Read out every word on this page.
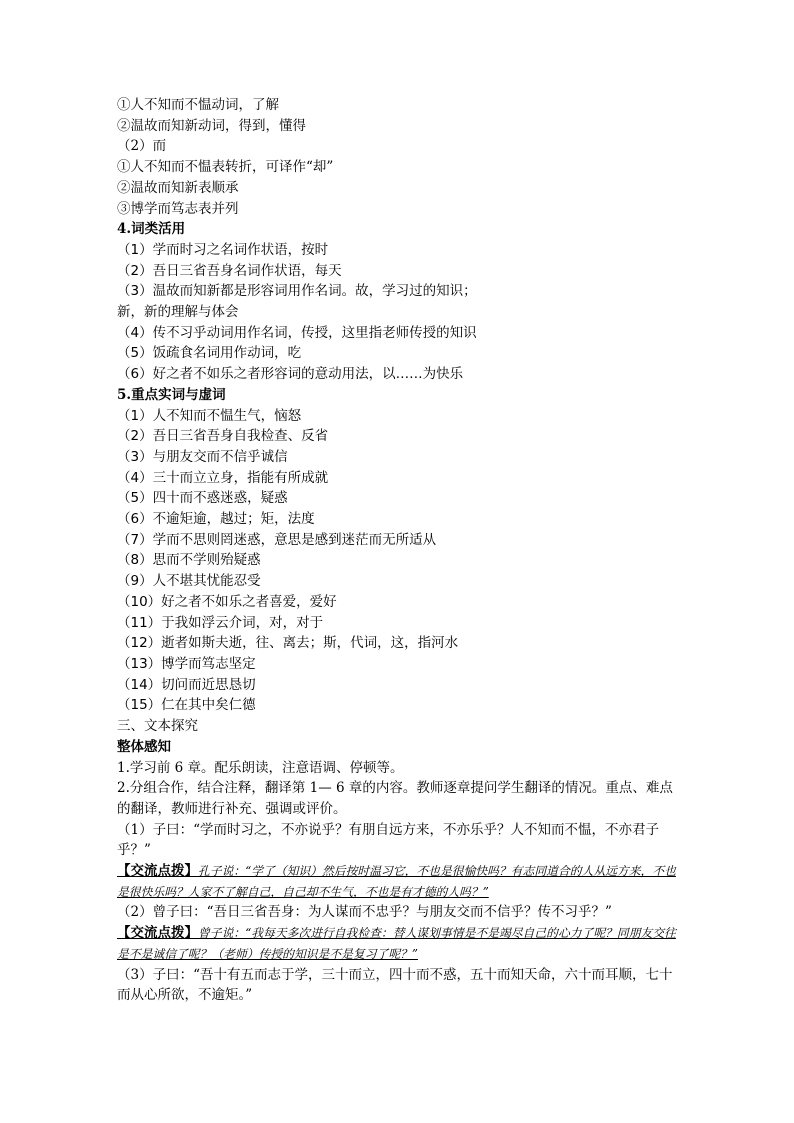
①人不知而不愠动词，了解
②温故而知新动词，得到，懂得
（2）而
①人不知而不愠表转折，可译作“却”
②温故而知新表顺承
③博学而笃志表并列
4.词类活用
（1）学而时习之名词作状语，按时
（2）吾日三省吾身名词作状语，每天
（3）温故而知新都是形容词用作名词。故，学习过的知识；
新，新的理解与体会
（4）传不习乎动词用作名词，传授，这里指老师传授的知识
（5）饭疏食名词用作动词，吃
（6）好之者不如乐之者形容词的意动用法，以……为快乐
5.重点实词与虚词
（1）人不知而不愠生气，恼怒
（2）吾日三省吾身自我检查、反省
（3）与朋友交而不信乎诚信
（4）三十而立立身，指能有所成就
（5）四十而不惑迷惑，疑惑
（6）不逾矩逾，越过；矩，法度
（7）学而不思则罔迷惑，意思是感到迷茫而无所适从
（8）思而不学则殆疑惑
（9）人不堪其忧能忍受
（10）好之者不如乐之者喜爱，爱好
（11）于我如浮云介词，对，对于
（12）逝者如斯夫逝，往、离去；斯，代词，这，指河水
（13）博学而笃志坚定
（14）切问而近思恳切
（15）仁在其中矣仁德
三、文本探究
整体感知
1.学习前 6 章。配乐朗读，注意语调、停顿等。
2.分组合作，结合注释，翻译第 1— 6 章的内容。教师逐章提问学生翻译的情况。重点、难点的翻译，教师进行补充、强调或评价。
（1）子曰：“学而时习之，不亦说乎？有朋自远方来，不亦乐乎？人不知而不愠，不亦君子乎？”
【交流点拨】孔子说：“学了（知识）然后按时温习它，不也是很愉快吗？有志同道合的人从远方来，不也是很快乐吗？人家不了解自己，自己却不生气，不也是有才德的人吗？”
（2）曾子曰：“吾日三省吾身：为人谋而不忠乎？与朋友交而不信乎？传不习乎？”
【交流点拨】曾子说：“我每天多次进行自我检查：替人谋划事情是不是竭尽自己的心力了呢？同朋友交往是不是诚信了呢？（老师）传授的知识是不是复习了呢？”
（3）子曰：“吾十有五而志于学，三十而立，四十而不惑，五十而知天命，六十而耳顺，七十而从心所欲，不逾矩。”
